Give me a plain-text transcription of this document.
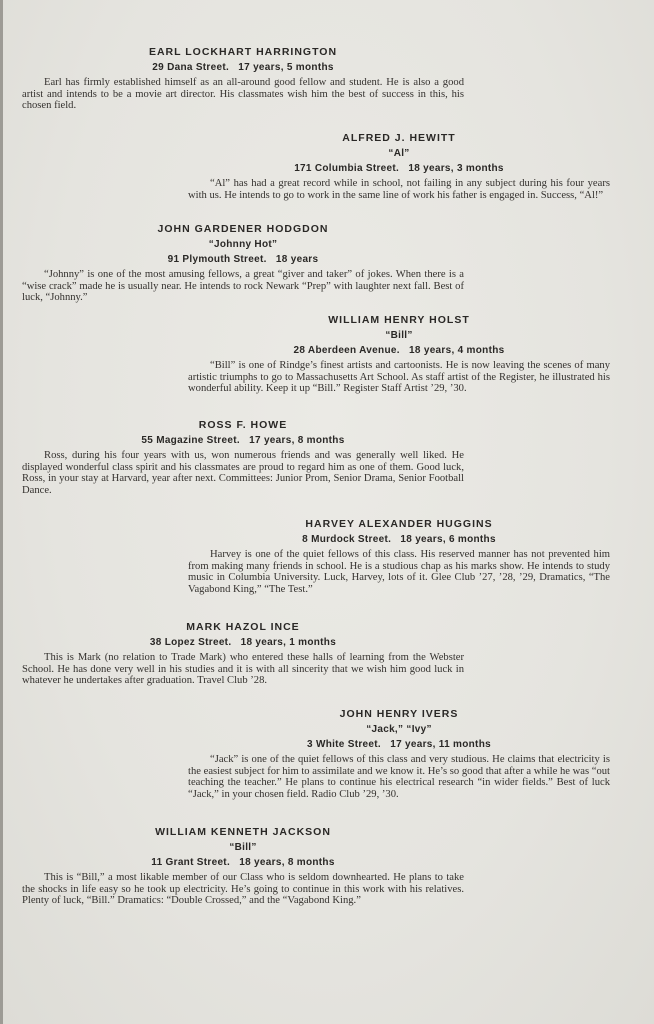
EARL LOCKHART HARRINGTON
29 Dana Street.   17 years, 5 months
Earl has firmly established himself as an all-around good fellow and student. He is also a good artist and intends to be a movie art director. His classmates wish him the best of success in this, his chosen field.
ALFRED J. HEWITT
“Al”
171 Columbia Street.   18 years, 3 months
“Al” has had a great record while in school, not failing in any subject during his four years with us. He intends to go to work in the same line of work his father is engaged in. Success, “Al!”
JOHN GARDENER HODGDON
“Johnny Hot”
91 Plymouth Street.   18 years
“Johnny” is one of the most amusing fellows, a great “giver and taker” of jokes. When there is a “wise crack” made he is usually near. He intends to rock Newark “Prep” with laughter next fall. Best of luck, “Johnny.”
WILLIAM HENRY HOLST
“Bill”
28 Aberdeen Avenue.   18 years, 4 months
“Bill” is one of Rindge’s finest artists and cartoonists. He is now leaving the scenes of many artistic triumphs to go to Massachusetts Art School. As staff artist of the Register, he illustrated his wonderful ability. Keep it up “Bill.” Register Staff Artist ’29, ’30.
ROSS F. HOWE
55 Magazine Street.   17 years, 8 months
Ross, during his four years with us, won numerous friends and was generally well liked. He displayed wonderful class spirit and his classmates are proud to regard him as one of them. Good luck, Ross, in your stay at Harvard, year after next. Committees: Junior Prom, Senior Drama, Senior Football Dance.
HARVEY ALEXANDER HUGGINS
8 Murdock Street.   18 years, 6 months
Harvey is one of the quiet fellows of this class. His reserved manner has not prevented him from making many friends in school. He is a studious chap as his marks show. He intends to study music in Columbia University. Luck, Harvey, lots of it. Glee Club ’27, ’28, ’29, Dramatics, “The Vagabond King,” “The Test.”
MARK HAZOL INCE
38 Lopez Street.   18 years, 1 months
This is Mark (no relation to Trade Mark) who entered these halls of learning from the Webster School. He has done very well in his studies and it is with all sincerity that we wish him good luck in whatever he undertakes after graduation. Travel Club ’28.
JOHN HENRY IVERS
“Jack,” “Ivy”
3 White Street.   17 years, 11 months
“Jack” is one of the quiet fellows of this class and very studious. He claims that electricity is the easiest subject for him to assimilate and we know it. He’s so good that after a while he was “out teaching the teacher.” He plans to continue his electrical research “in wider fields.” Best of luck “Jack,” in your chosen field. Radio Club ’29, ’30.
WILLIAM KENNETH JACKSON
“Bill”
11 Grant Street.   18 years, 8 months
This is “Bill,” a most likable member of our Class who is seldom downhearted. He plans to take the shocks in life easy so he took up electricity. He’s going to continue in this work with his relatives. Plenty of luck, “Bill.” Dramatics: “Double Crossed,” and the “Vagabond King.”
